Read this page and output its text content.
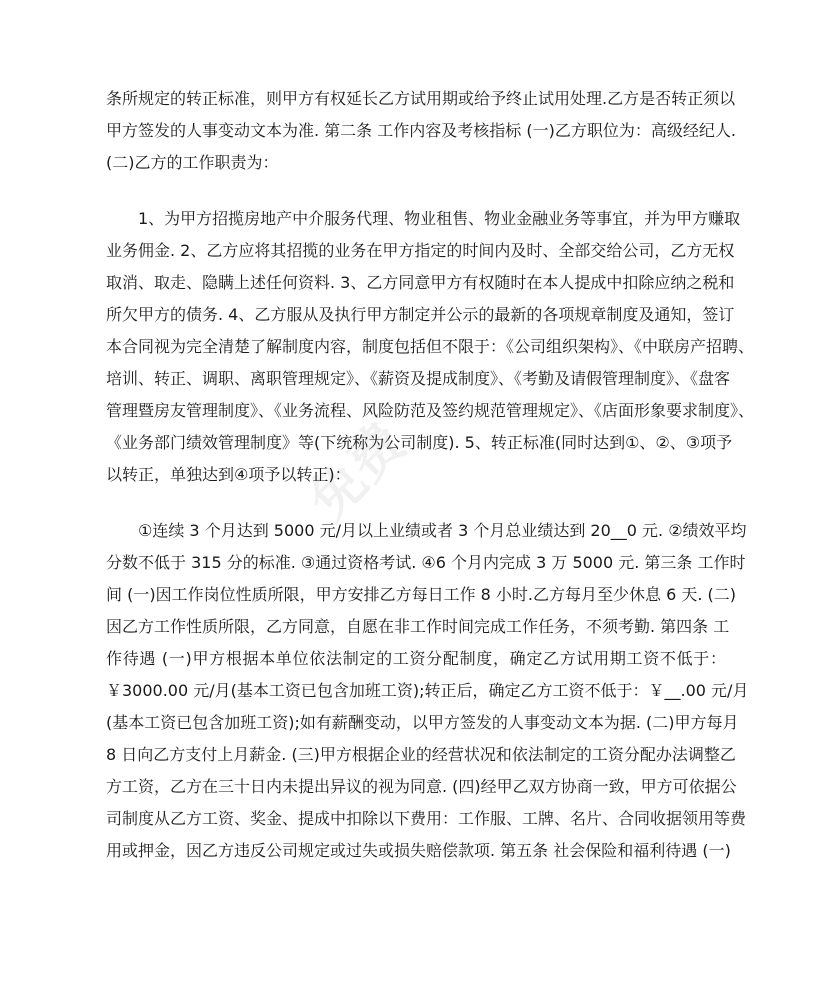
免费
条所规定的转正标准，则甲方有权延长乙方试用期或给予终止试用处理.乙方是否转正须以
甲方签发的人事变动文本为准. 第二条 工作内容及考核指标 (一)乙方职位为：高级经纪人.
(二)乙方的工作职责为：
　　1、为甲方招揽房地产中介服务代理、物业租售、物业金融业务等事宜，并为甲方赚取
业务佣金. 2、乙方应将其招揽的业务在甲方指定的时间内及时、全部交给公司，乙方无权
取消、取走、隐瞒上述任何资料. 3、乙方同意甲方有权随时在本人提成中扣除应纳之税和
所欠甲方的债务. 4、乙方服从及执行甲方制定并公示的最新的各项规章制度及通知，签订
本合同视为完全清楚了解制度内容，制度包括但不限于：《公司组织架构》、《中联房产招聘、
培训、转正、调职、离职管理规定》、《薪资及提成制度》、《考勤及请假管理制度》、《盘客
管理暨房友管理制度》、《业务流程、风险防范及签约规范管理规定》、《店面形象要求制度》、
《业务部门绩效管理制度》等(下统称为公司制度). 5、转正标准(同时达到①、②、③项予
以转正，单独达到④项予以转正)：
　　①连续 3 个月达到 5000 元/月以上业绩或者 3 个月总业绩达到 20__0 元. ②绩效平均
分数不低于 315 分的标准. ③通过资格考试. ④6 个月内完成 3 万 5000 元. 第三条 工作时
间 (一)因工作岗位性质所限，甲方安排乙方每日工作 8 小时.乙方每月至少休息 6 天. (二)
因乙方工作性质所限，乙方同意，自愿在非工作时间完成工作任务，不须考勤. 第四条 工
作待遇 (一)甲方根据本单位依法制定的工资分配制度，确定乙方试用期工资不低于：
￥3000.00 元/月(基本工资已包含加班工资);转正后，确定乙方工资不低于：￥__.00 元/月
(基本工资已包含加班工资);如有薪酬变动，以甲方签发的人事变动文本为据. (二)甲方每月
8 日向乙方支付上月薪金. (三)甲方根据企业的经营状况和依法制定的工资分配办法调整乙
方工资，乙方在三十日内未提出异议的视为同意. (四)经甲乙双方协商一致，甲方可依据公
司制度从乙方工资、奖金、提成中扣除以下费用：工作服、工牌、名片、合同收据领用等费
用或押金，因乙方违反公司规定或过失或损失赔偿款项. 第五条 社会保险和福利待遇 (一)
